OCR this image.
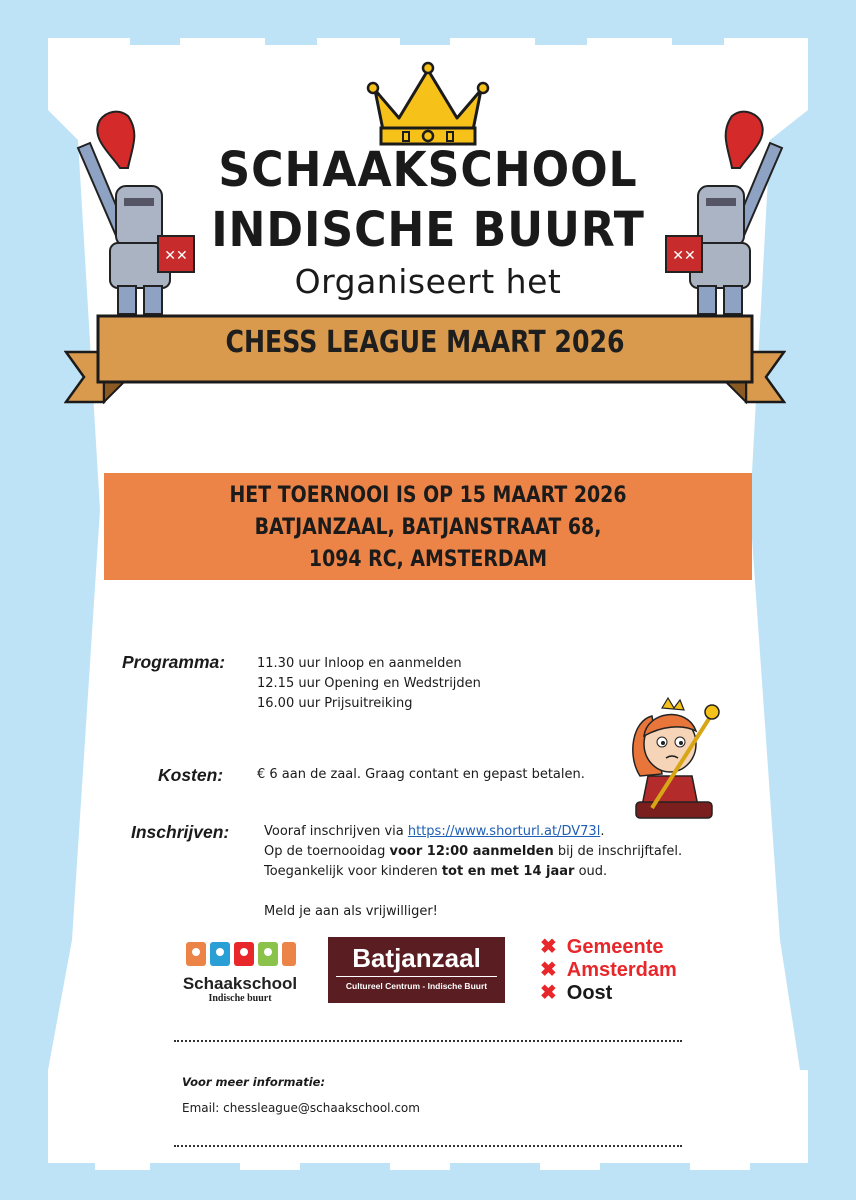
✕✕	✕✕
SCHAAKSCHOOL
INDISCHE BUURT
Organiseert het
CHESS LEAGUE MAART 2026
HET TOERNOOI IS OP 15 MAART 2026
BATJANZAAL, BATJANSTRAAT 68,
1094 RC, AMSTERDAM
Programma: 11.30 uur Inloop en aanmelden
12.15 uur Opening en Wedstrijden
16.00 uur Prijsuitreiking
Kosten:	€ 6 aan de zaal. Graag contant en gepast betalen.
Inschrijven:	Vooraf inschrijven via https://www.shorturl.at/DV73l.
Op de toernooidag voor 12:00 aanmelden bij de inschrijftafel.
Toegankelijk voor kinderen tot en met 14 jaar oud.
Meld je aan als vrijwilliger!
Schaakschool
Indische buurt
Batjanzaal
Cultureel Centrum - Indische Buurt
✖ Gemeente
✖ Amsterdam
✖ Oost
Voor meer informatie:
Email: chessleague@schaakschool.com
